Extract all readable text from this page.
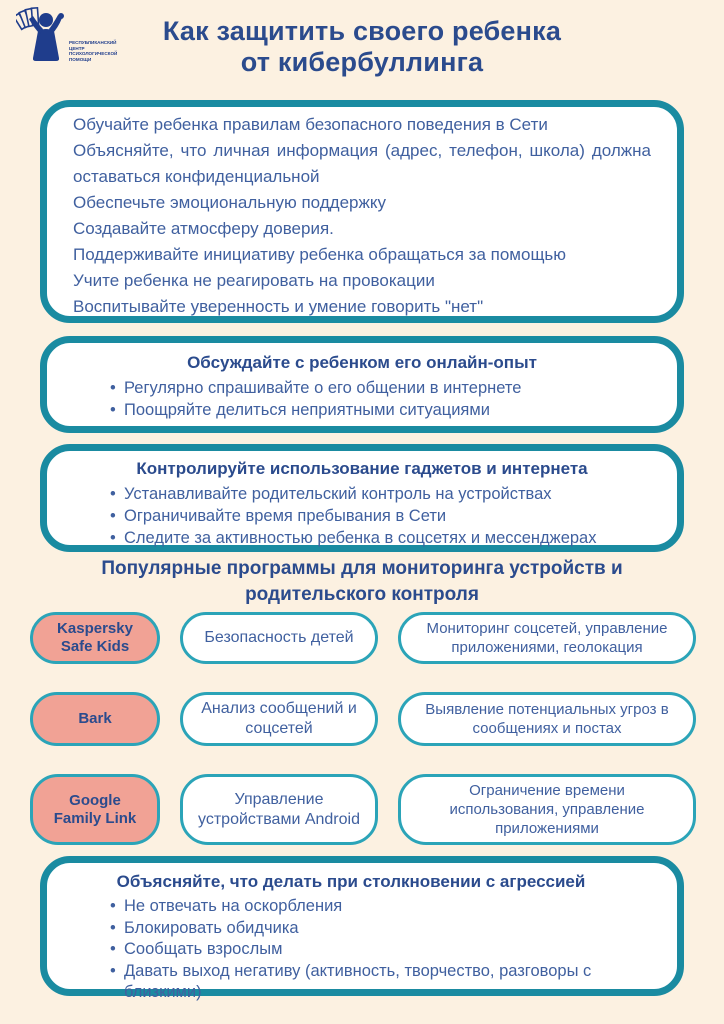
РЕСПУБЛИКАНСКИЙ ЦЕНТР ПСИХОЛОГИЧЕСКОЙ ПОМОЩИ
Как защитить своего ребенка
от кибербуллинга

Обучайте ребенка правилам безопасного поведения в Сети

Объясняйте, что личная информация (адрес, телефон, школа) должна оставаться конфиденциальной

Обеспечьте эмоциональную поддержку

Создавайте атмосферу доверия.

Поддерживайте инициативу ребенка обращаться за помощью

Учите ребенка не реагировать на провокации

Воспитывайте уверенность и умение говорить "нет"

Обсуждайте с ребенком его онлайн-опыт

• Регулярно спрашивайте о его общении в интернете
• Поощряйте делиться неприятными ситуациями

Контролируйте использование гаджетов и интернета

• Устанавливайте родительский контроль на устройствах
• Ограничивайте время пребывания в Сети
• Следите за активностью ребенка в соцсетях и мессенджерах
Популярные программы для мониторинга устройств и родительского контроля
Kaspersky Safe Kids
Безопасность детей
Мониторинг соцсетей, управление приложениями, геолокация
Bark
Анализ сообщений и соцсетей
Выявление потенциальных угроз в сообщениях и постах
Google Family Link
Управление устройствами Android
Ограничение времени использования, управление приложениями

Объясняйте, что делать при столкновении с агрессией

• Не отвечать на оскорбления
• Блокировать обидчика
• Сообщать взрослым
• Давать выход негативу (активность, творчество, разговоры с близкими)
